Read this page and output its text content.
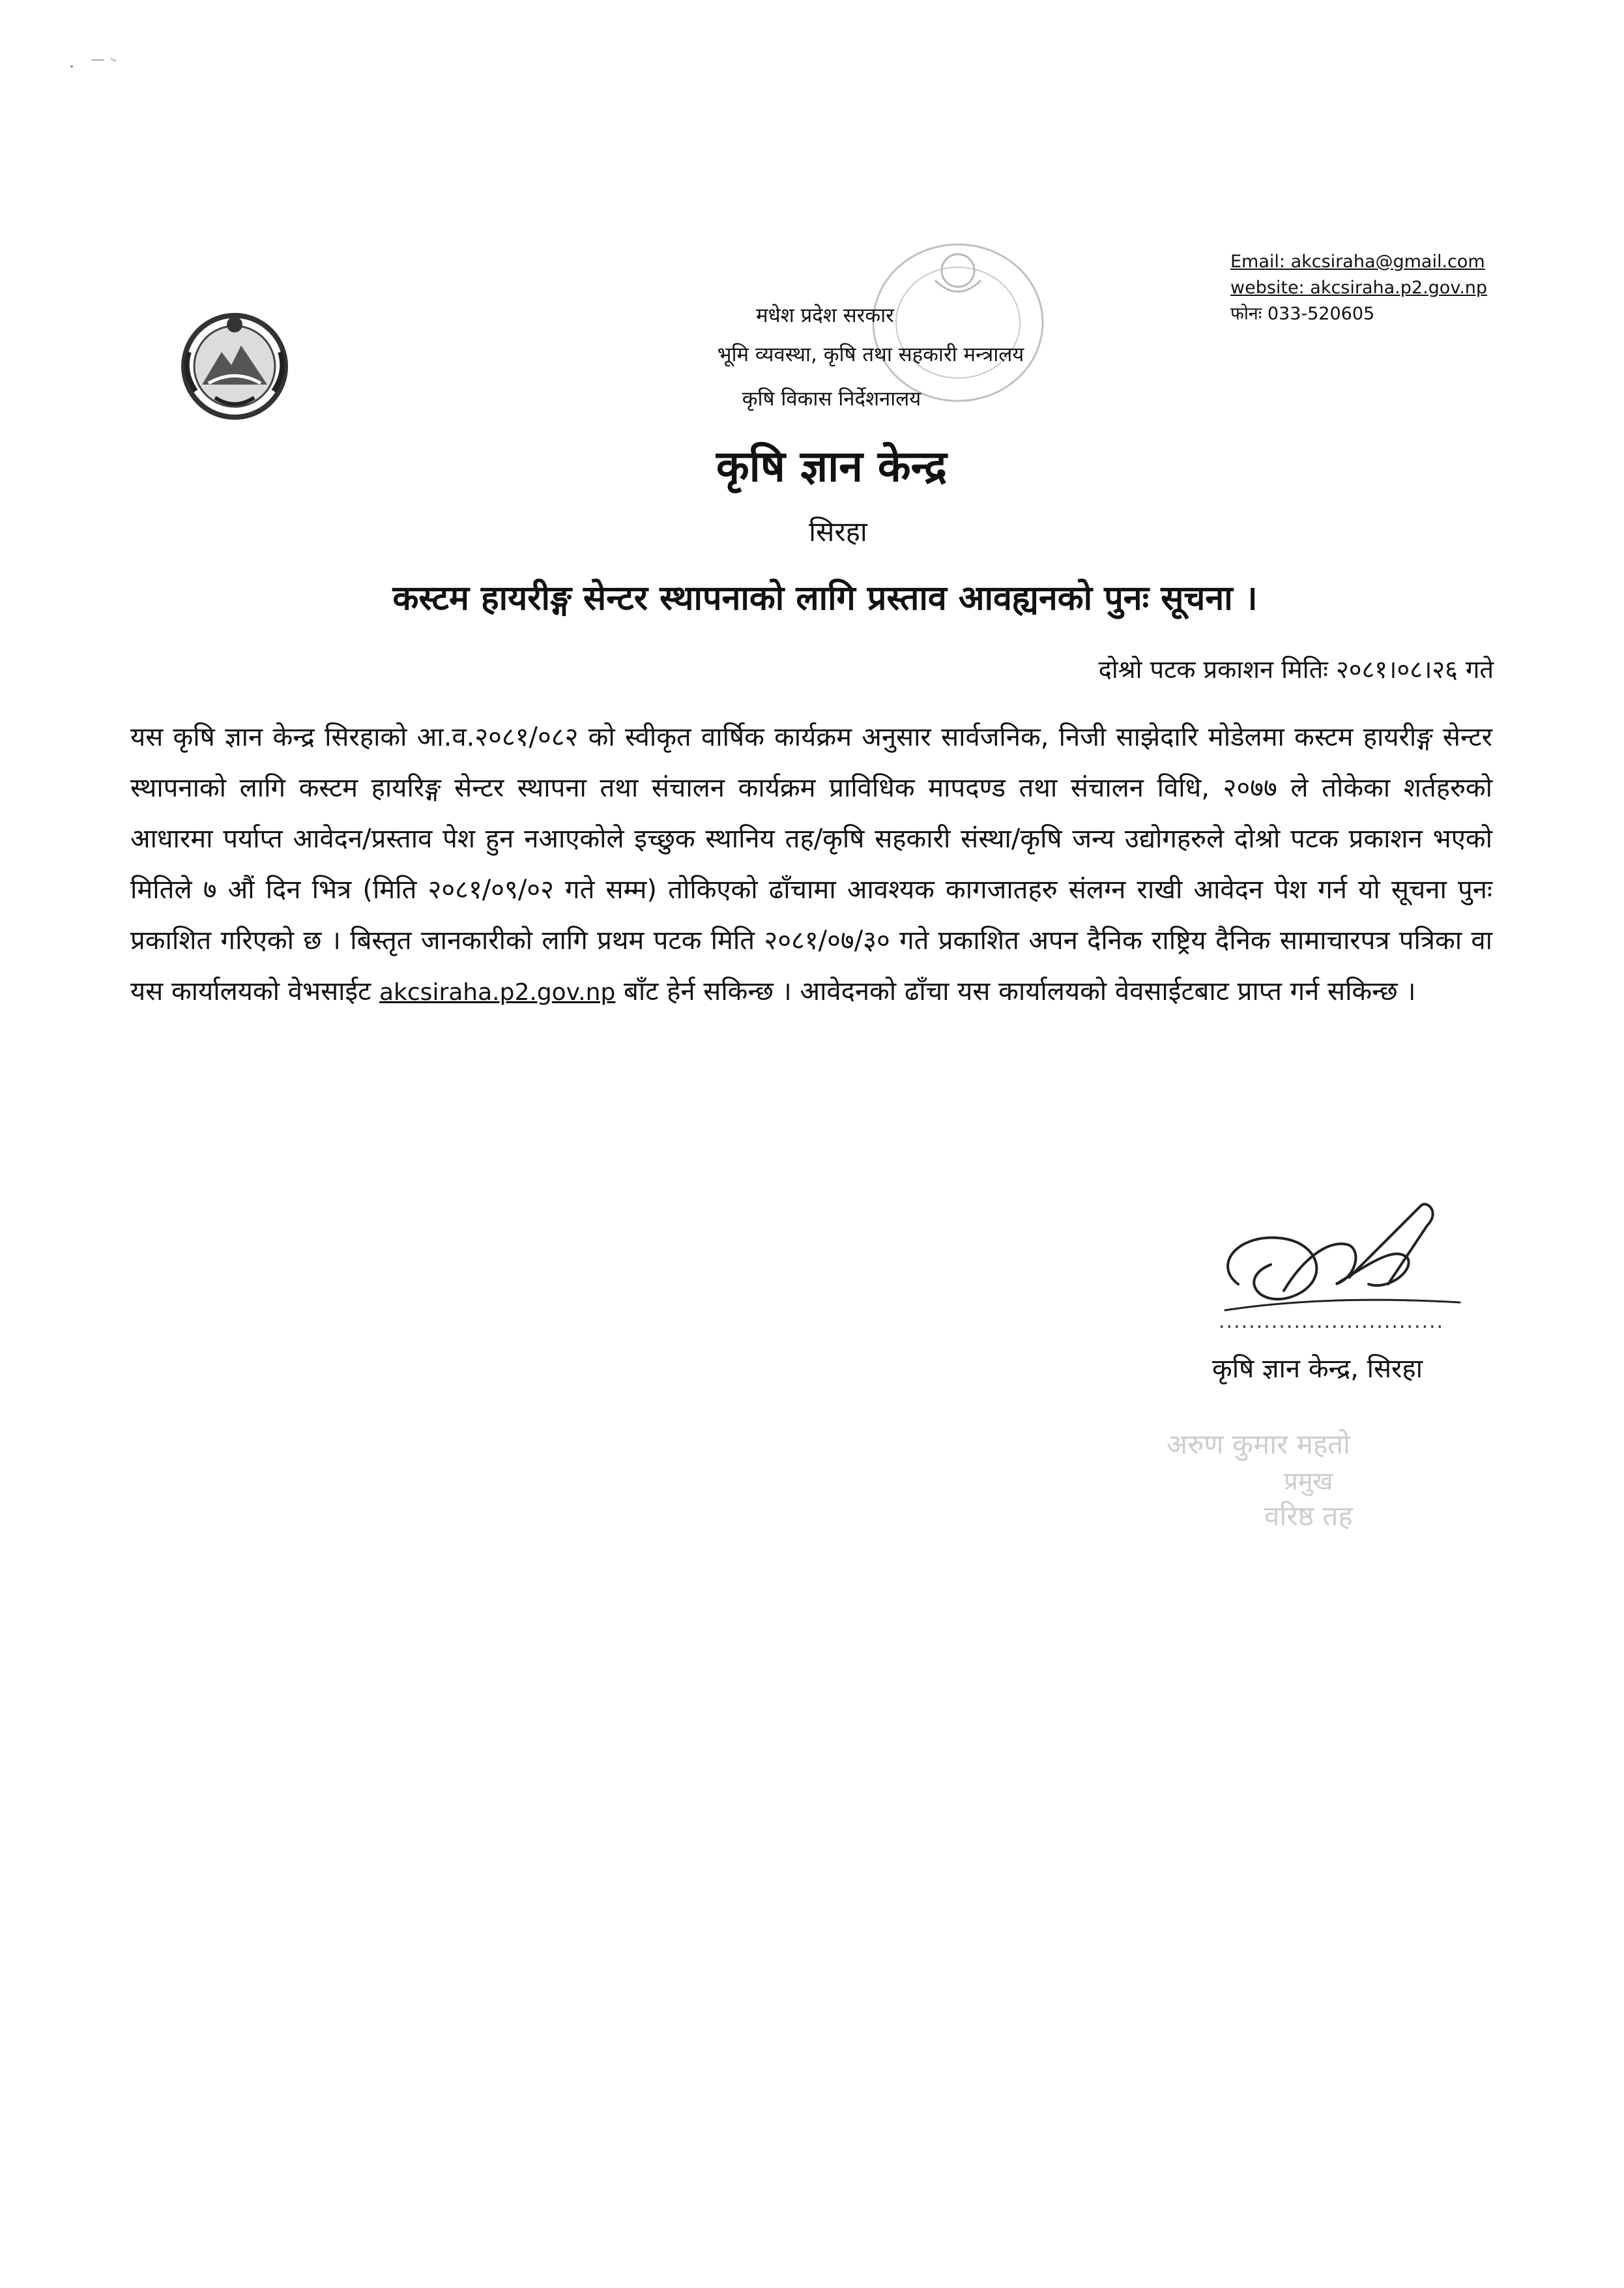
Email: akcsiraha@gmail.com
website: akcsiraha.p2.gov.np
फोनः 033-520605
मधेश प्रदेश सरकार
भूमि व्यवस्था, कृषि तथा सहकारी मन्त्रालय
कृषि विकास निर्देशनालय
कृषि ज्ञान केन्द्र
सिरहा
कस्टम हायरीङ्ग सेन्टर स्थापनाको लागि प्रस्ताव आवह्यनको पुनः सूचना ।
दोश्रो पटक प्रकाशन मितिः २०८१।०८।२६ गते
यस कृषि ज्ञान केन्द्र सिरहाको आ.व.२०८१/०८२ को स्वीकृत वार्षिक कार्यक्रम अनुसार सार्वजनिक, निजी साझेदारि मोडेलमा कस्टम हायरीङ्ग सेन्टर स्थापनाको लागि कस्टम हायरिङ्ग सेन्टर स्थापना तथा संचालन कार्यक्रम प्राविधिक मापदण्ड तथा संचालन विधि, २०७७ ले तोकेका शर्तहरुको आधारमा पर्याप्त आवेदन/प्रस्ताव पेश हुन नआएकोले इच्छुक स्थानिय तह/कृषि सहकारी संस्था/कृषि जन्य उद्योगहरुले दोश्रो पटक प्रकाशन भएको मितिले ७ औं दिन भित्र (मिति २०८१/०९/०२ गते सम्म) तोकिएको ढाँचामा आवश्यक कागजातहरु संलग्न राखी आवेदन पेश गर्न यो सूचना पुनः प्रकाशित गरिएको छ । बिस्तृत जानकारीको लागि प्रथम पटक मिति २०८१/०७/३० गते प्रकाशित अपन दैनिक राष्ट्रिय दैनिक सामाचारपत्र पत्रिका वा यस कार्यालयको वेभसाईट akcsiraha.p2.gov.np बाँट हेर्न सकिन्छ । आवेदनको ढाँचा यस कार्यालयको वेवसाईटबाट प्राप्त गर्न सकिन्छ ।
..............................
कृषि ज्ञान केन्द्र, सिरहा
अरुण कुमार महतो
प्रमुख
वरिष्ठ तह
